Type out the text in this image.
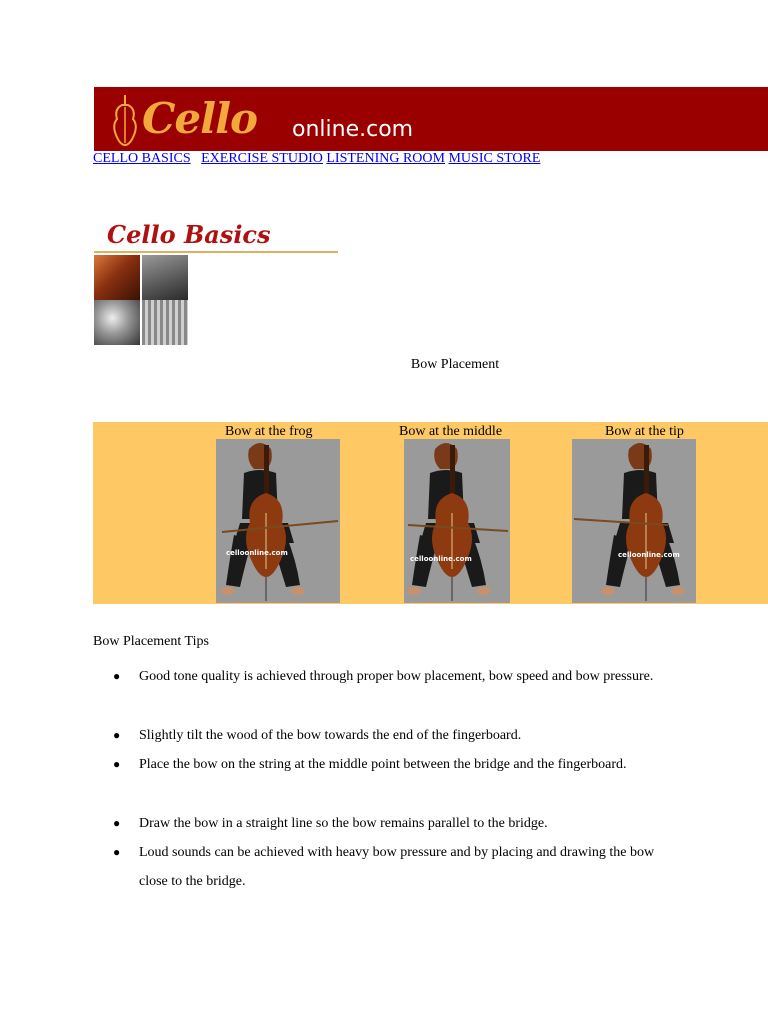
Cello online.com
CELLO BASICS EXERCISE STUDIO LISTENING ROOM MUSIC STORE
Cello Basics
Bow Placement
Bow at the frog	Bow at the middle	Bow at the tip
celloonline.com
celloonline.com	celloonline.com
Bow Placement Tips
● Good tone quality is achieved through proper bow placement, bow speed and bow pressure.
● Slightly tilt the wood of the bow towards the end of the fingerboard.
● Place the bow on the string at the middle point between the bridge and the fingerboard.
● Draw the bow in a straight line so the bow remains parallel to the bridge.
● Loud sounds can be achieved with heavy bow pressure and by placing and drawing the bow close to the bridge.
